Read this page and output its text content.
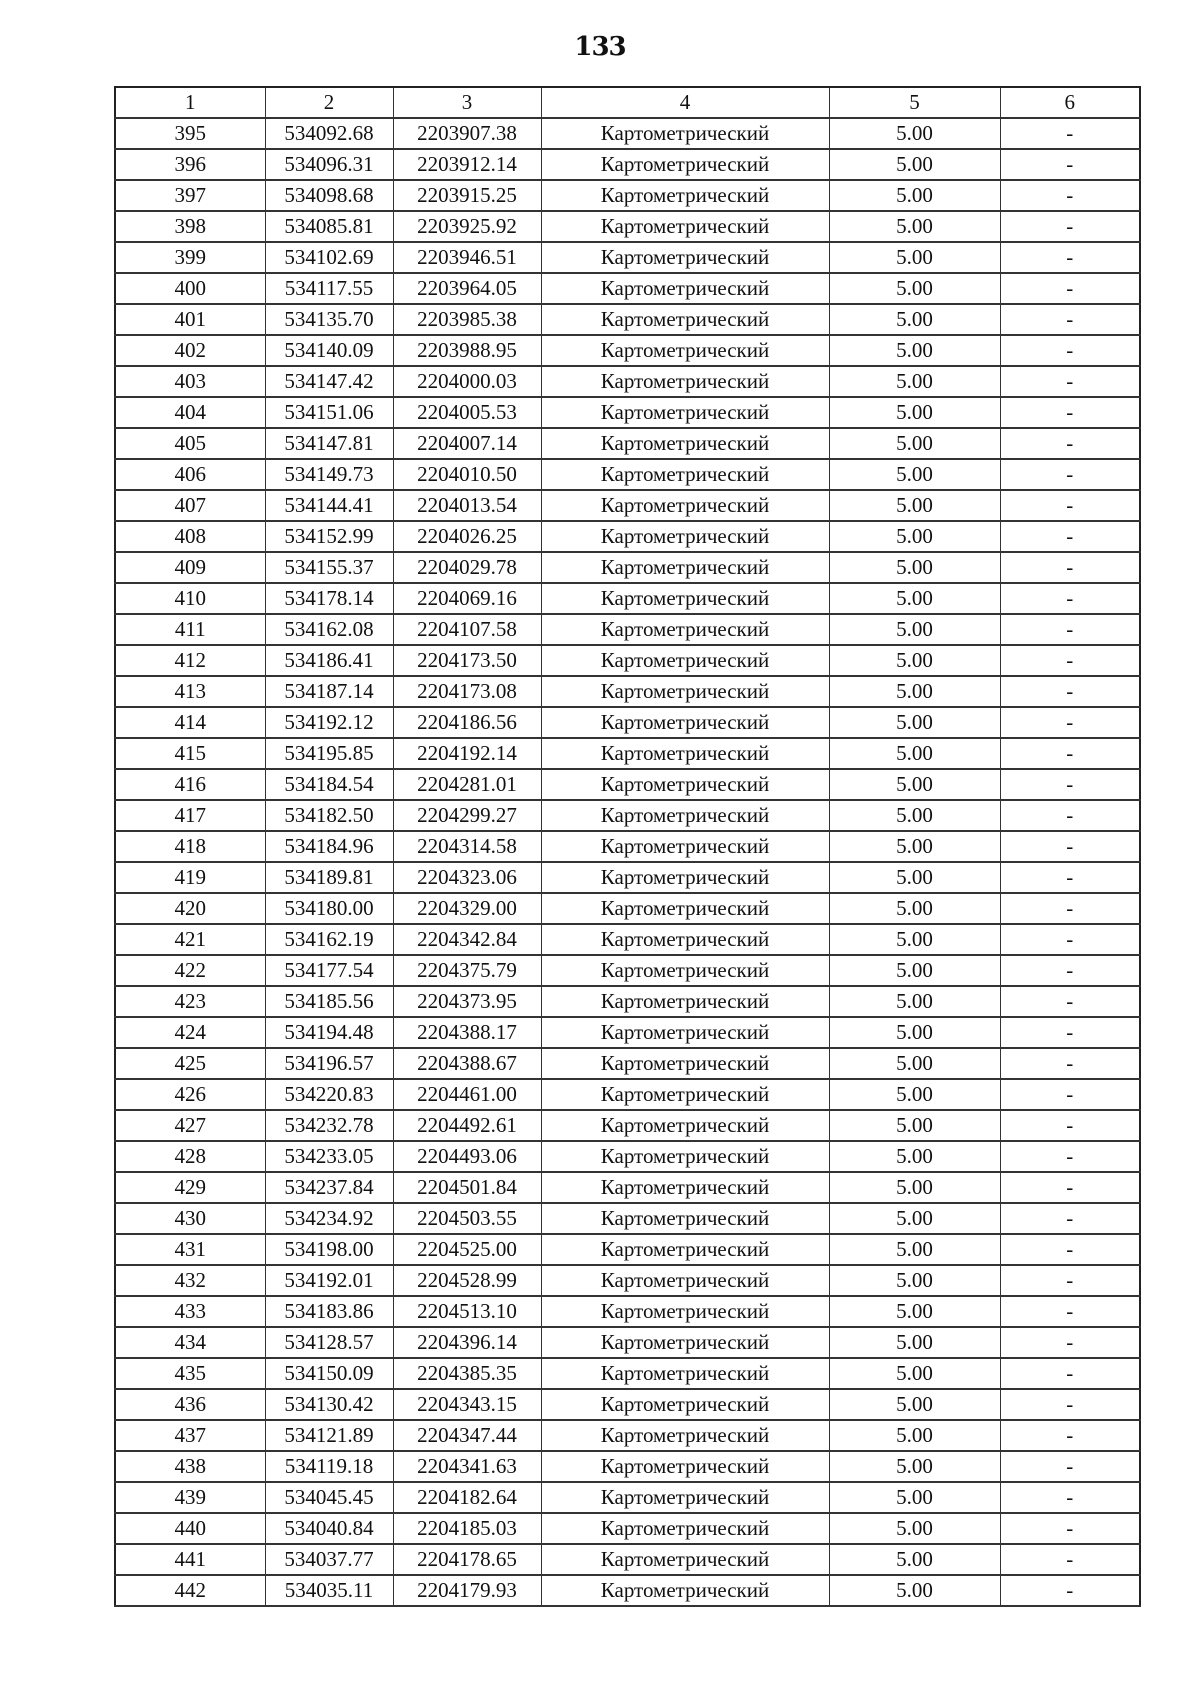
133
1	2	3	4	5	6
395	534092.68	2203907.38	Картометрический	5.00	-
396	534096.31	2203912.14	Картометрический	5.00	-
397	534098.68	2203915.25	Картометрический	5.00	-
398	534085.81	2203925.92	Картометрический	5.00	-
399	534102.69	2203946.51	Картометрический	5.00	-
400	534117.55	2203964.05	Картометрический	5.00	-
401	534135.70	2203985.38	Картометрический	5.00	-
402	534140.09	2203988.95	Картометрический	5.00	-
403	534147.42	2204000.03	Картометрический	5.00	-
404	534151.06	2204005.53	Картометрический	5.00	-
405	534147.81	2204007.14	Картометрический	5.00	-
406	534149.73	2204010.50	Картометрический	5.00	-
407	534144.41	2204013.54	Картометрический	5.00	-
408	534152.99	2204026.25	Картометрический	5.00	-
409	534155.37	2204029.78	Картометрический	5.00	-
410	534178.14	2204069.16	Картометрический	5.00	-
411	534162.08	2204107.58	Картометрический	5.00	-
412	534186.41	2204173.50	Картометрический	5.00	-
413	534187.14	2204173.08	Картометрический	5.00	-
414	534192.12	2204186.56	Картометрический	5.00	-
415	534195.85	2204192.14	Картометрический	5.00	-
416	534184.54	2204281.01	Картометрический	5.00	-
417	534182.50	2204299.27	Картометрический	5.00	-
418	534184.96	2204314.58	Картометрический	5.00	-
419	534189.81	2204323.06	Картометрический	5.00	-
420	534180.00	2204329.00	Картометрический	5.00	-
421	534162.19	2204342.84	Картометрический	5.00	-
422	534177.54	2204375.79	Картометрический	5.00	-
423	534185.56	2204373.95	Картометрический	5.00	-
424	534194.48	2204388.17	Картометрический	5.00	-
425	534196.57	2204388.67	Картометрический	5.00	-
426	534220.83	2204461.00	Картометрический	5.00	-
427	534232.78	2204492.61	Картометрический	5.00	-
428	534233.05	2204493.06	Картометрический	5.00	-
429	534237.84	2204501.84	Картометрический	5.00	-
430	534234.92	2204503.55	Картометрический	5.00	-
431	534198.00	2204525.00	Картометрический	5.00	-
432	534192.01	2204528.99	Картометрический	5.00	-
433	534183.86	2204513.10	Картометрический	5.00	-
434	534128.57	2204396.14	Картометрический	5.00	-
435	534150.09	2204385.35	Картометрический	5.00	-
436	534130.42	2204343.15	Картометрический	5.00	-
437	534121.89	2204347.44	Картометрический	5.00	-
438	534119.18	2204341.63	Картометрический	5.00	-
439	534045.45	2204182.64	Картометрический	5.00	-
440	534040.84	2204185.03	Картометрический	5.00	-
441	534037.77	2204178.65	Картометрический	5.00	-
442	534035.11	2204179.93	Картометрический	5.00	-
